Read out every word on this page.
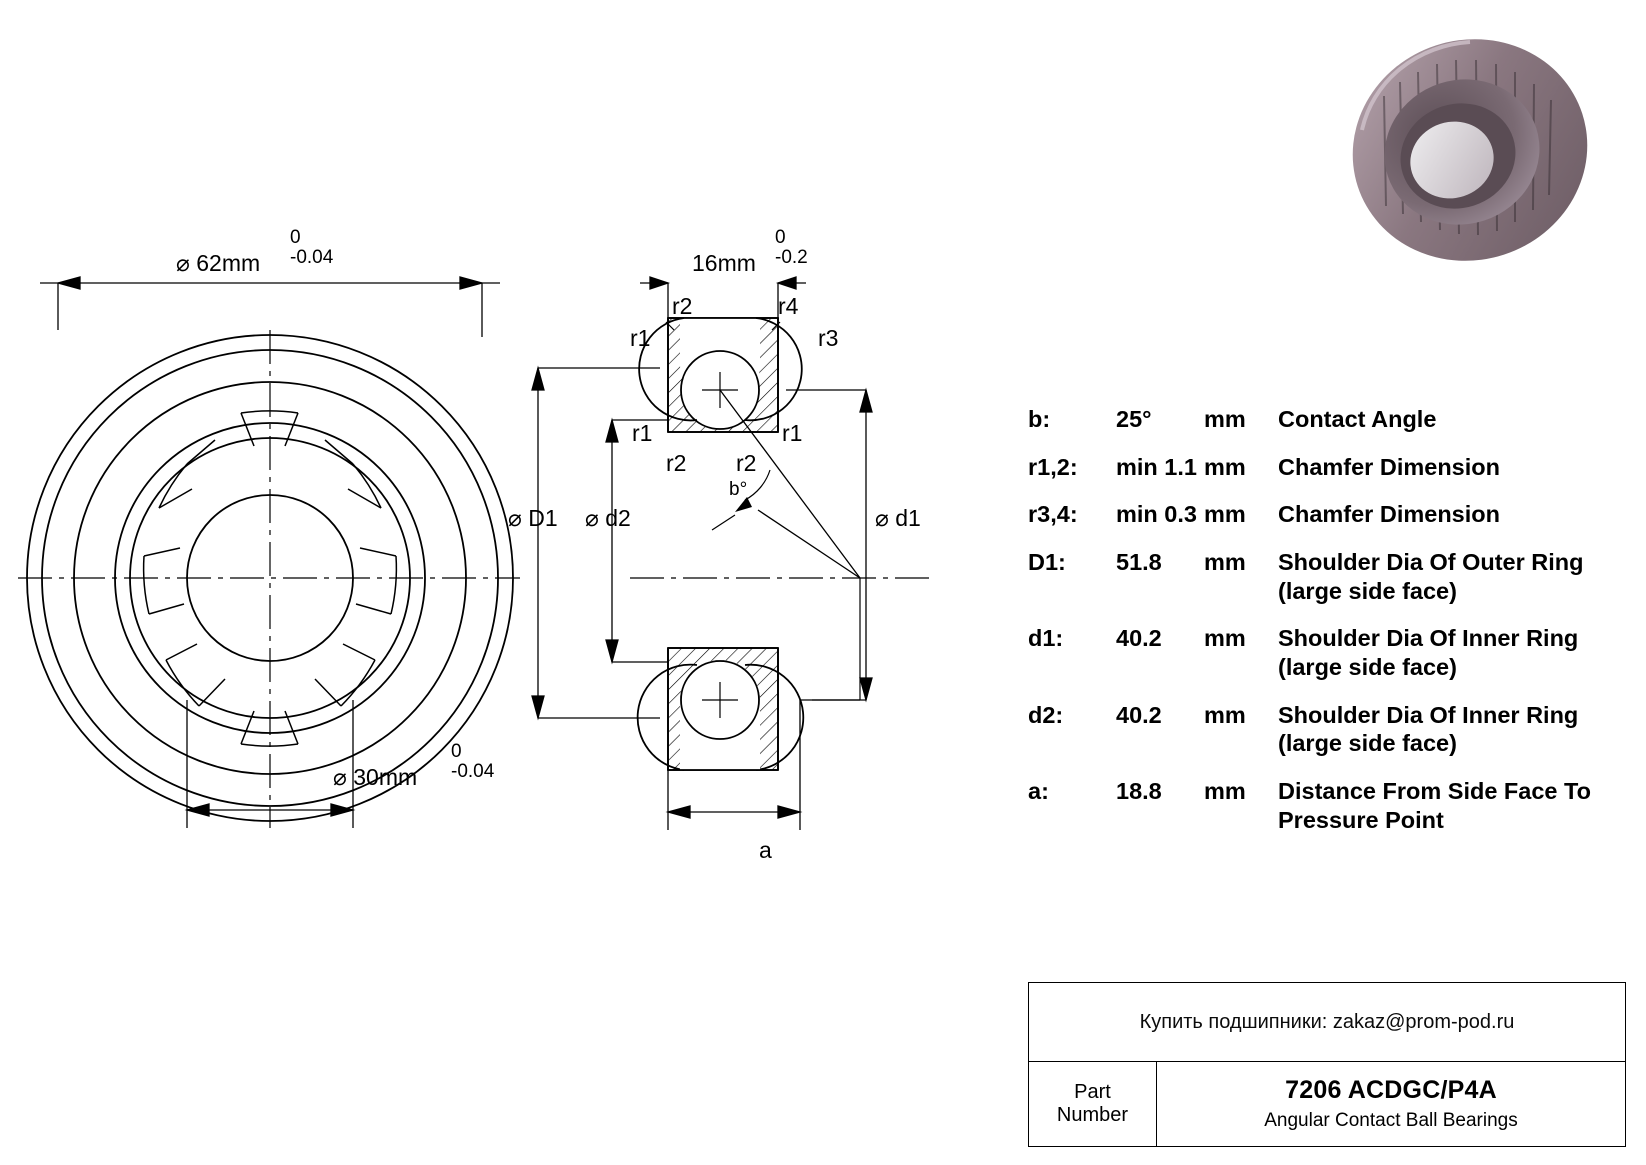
⌀ 62mm
0
-0.04
⌀ 30mm
0
-0.04
16mm
0
-0.2
r2	r4
r1	r3
r1	r1
r2 r2
b°
⌀ D1 ⌀ d2	⌀ d1
a
b:	25°	mm	Contact Angle
r1,2:	min 1.1 mm	Chamfer Dimension
r3,4:	min 0.3 mm	Chamfer Dimension
D1:	51.8	mm	Shoulder Dia Of Outer Ring
(large side face)
d1:	40.2	mm	Shoulder Dia Of Inner Ring
(large side face)
d2:	40.2	mm	Shoulder Dia Of Inner Ring
(large side face)
a:	18.8	mm	Distance From Side Face To
Pressure Point
Купить подшипники: zakaz@prom-pod.ru
Part
Number
7206 ACDGC/P4A
Angular Contact Ball Bearings
